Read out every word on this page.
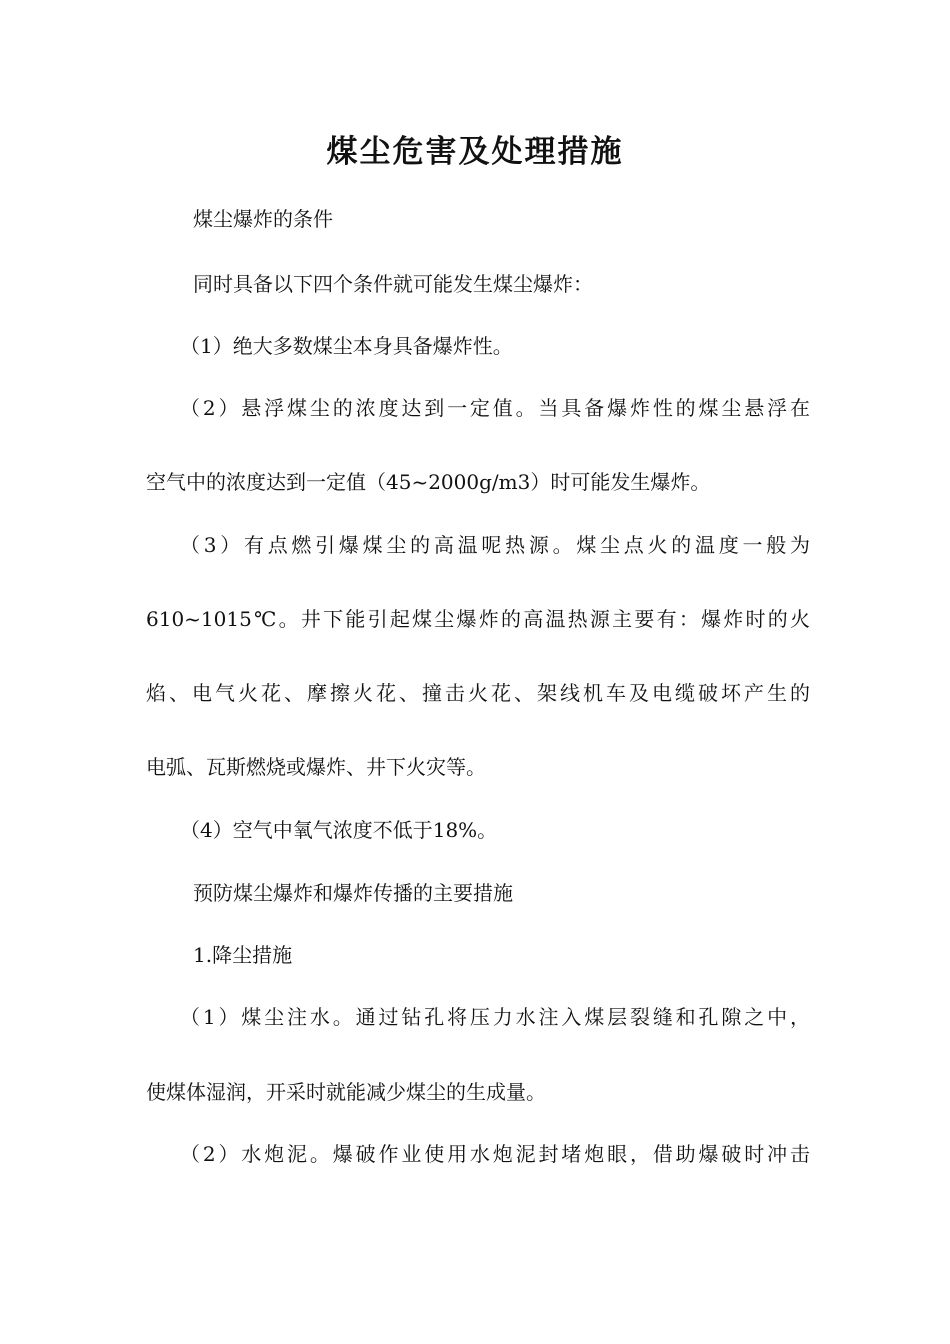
煤尘危害及处理措施
煤尘爆炸的条件
同时具备以下四个条件就可能发生煤尘爆炸：
（1）绝大多数煤尘本身具备爆炸性。
（2）悬浮煤尘的浓度达到一定值。当具备爆炸性的煤尘悬浮在
空气中的浓度达到一定值（45~2000g/m3）时可能发生爆炸。
（3）有点燃引爆煤尘的高温呢热源。煤尘点火的温度一般为
610~1015℃。井下能引起煤尘爆炸的高温热源主要有：爆炸时的火
焰、电气火花、摩擦火花、撞击火花、架线机车及电缆破坏产生的
电弧、瓦斯燃烧或爆炸、井下火灾等。
（4）空气中氧气浓度不低于18%。
预防煤尘爆炸和爆炸传播的主要措施
1.降尘措施
（1）煤尘注水。通过钻孔将压力水注入煤层裂缝和孔隙之中，
使煤体湿润，开采时就能减少煤尘的生成量。
（2）水炮泥。爆破作业使用水炮泥封堵炮眼，借助爆破时冲击
